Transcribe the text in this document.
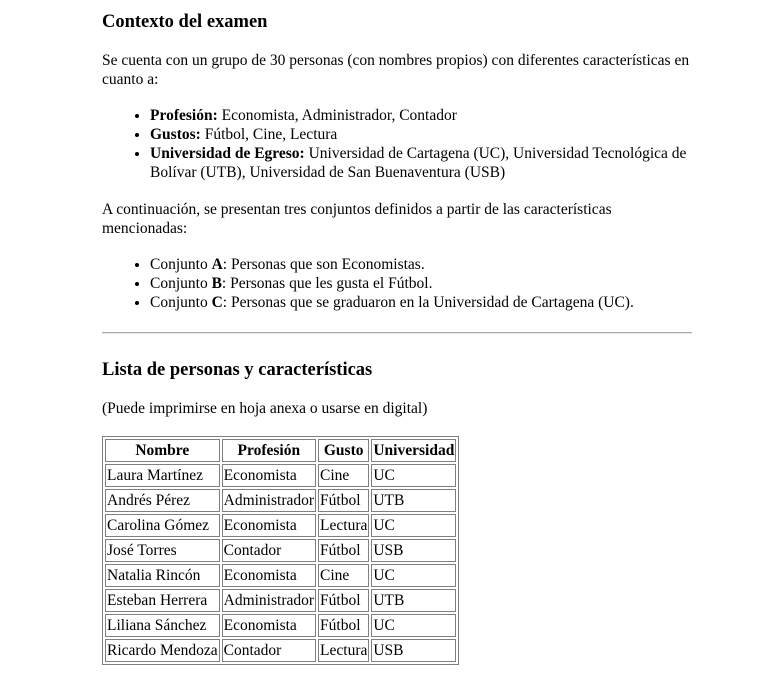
Contexto del examen

Se cuenta con un grupo de 30 personas (con nombres propios) con diferentes características en cuanto a:

• Profesión: Economista, Administrador, Contador
• Gustos: Fútbol, Cine, Lectura
• Universidad de Egreso: Universidad de Cartagena (UC), Universidad Tecnológica de Bolívar (UTB), Universidad de San Buenaventura (USB)

A continuación, se presentan tres conjuntos definidos a partir de las características mencionadas:

• Conjunto A: Personas que son Economistas.
• Conjunto B: Personas que les gusta el Fútbol.
• Conjunto C: Personas que se graduaron en la Universidad de Cartagena (UC).
Lista de personas y características

(Puede imprimirse en hoja anexa o usarse en digital)

Nombre	Profesión	Gusto	Universidad
Laura Martínez	Economista	Cine	UC
Andrés Pérez	Administrador	Fútbol	UTB
Carolina Gómez	Economista	Lectura	UC
José Torres	Contador	Fútbol	USB
Natalia Rincón	Economista	Cine	UC
Esteban Herrera	Administrador	Fútbol	UTB
Liliana Sánchez	Economista	Fútbol	UC
Ricardo Mendoza	Contador	Lectura	USB
